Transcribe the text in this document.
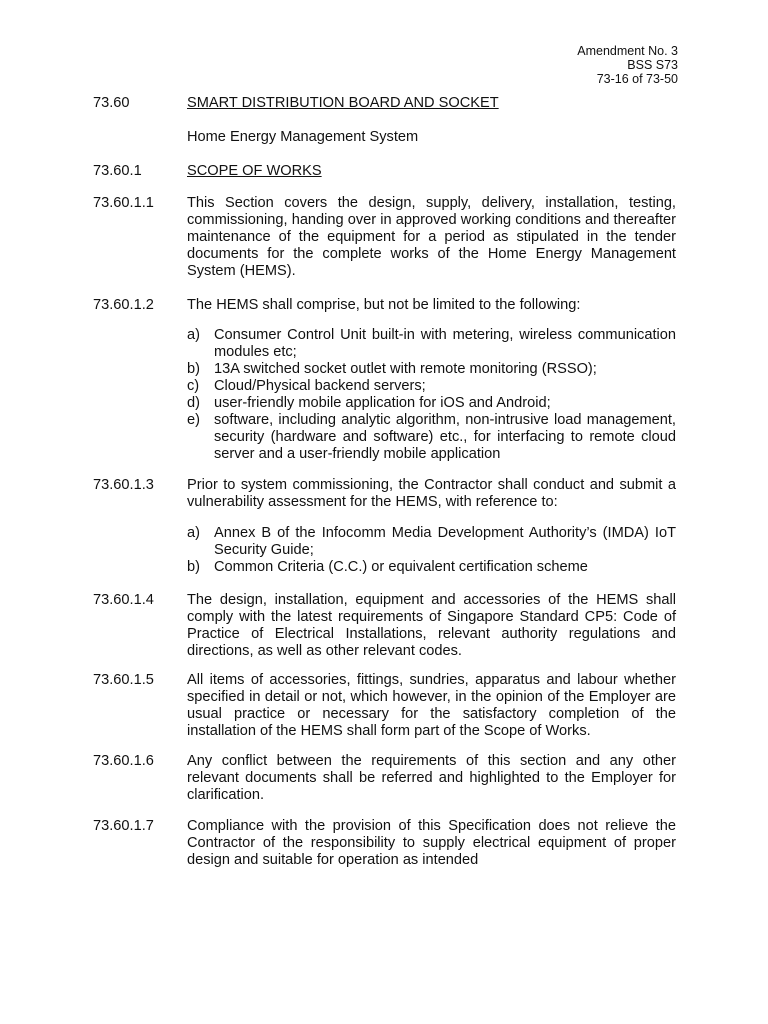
Amendment No. 3
BSS S73
73-16 of 73-50
73.60	SMART DISTRIBUTION BOARD AND SOCKET
Home Energy Management System
73.60.1	SCOPE OF WORKS
73.60.1.1 This Section covers the design, supply, delivery, installation, testing, commissioning, handing over in approved working conditions and thereafter maintenance of the equipment for a period as stipulated in the tender documents for the complete works of the Home Energy Management System (HEMS).
73.60.1.2 The HEMS shall comprise, but not be limited to the following:
a) Consumer Control Unit built-in with metering, wireless communication modules etc;
b) 13A switched socket outlet with remote monitoring (RSSO);
c) Cloud/Physical backend servers;
d) user-friendly mobile application for iOS and Android;
e) software, including analytic algorithm, non-intrusive load management, security (hardware and software) etc., for interfacing to remote cloud server and a user-friendly mobile application
73.60.1.3 Prior to system commissioning, the Contractor shall conduct and submit a vulnerability assessment for the HEMS, with reference to:
a) Annex B of the Infocomm Media Development Authority’s (IMDA) IoT Security Guide;
b) Common Criteria (C.C.) or equivalent certification scheme
73.60.1.4 The design, installation, equipment and accessories of the HEMS shall comply with the latest requirements of Singapore Standard CP5: Code of Practice of Electrical Installations, relevant authority regulations and directions, as well as other relevant codes.
73.60.1.5 All items of accessories, fittings, sundries, apparatus and labour whether specified in detail or not, which however, in the opinion of the Employer are usual practice or necessary for the satisfactory completion of the installation of the HEMS shall form part of the Scope of Works.
73.60.1.6 Any conflict between the requirements of this section and any other relevant documents shall be referred and highlighted to the Employer for clarification.
73.60.1.7 Compliance with the provision of this Specification does not relieve the Contractor of the responsibility to supply electrical equipment of proper design and suitable for operation as intended
